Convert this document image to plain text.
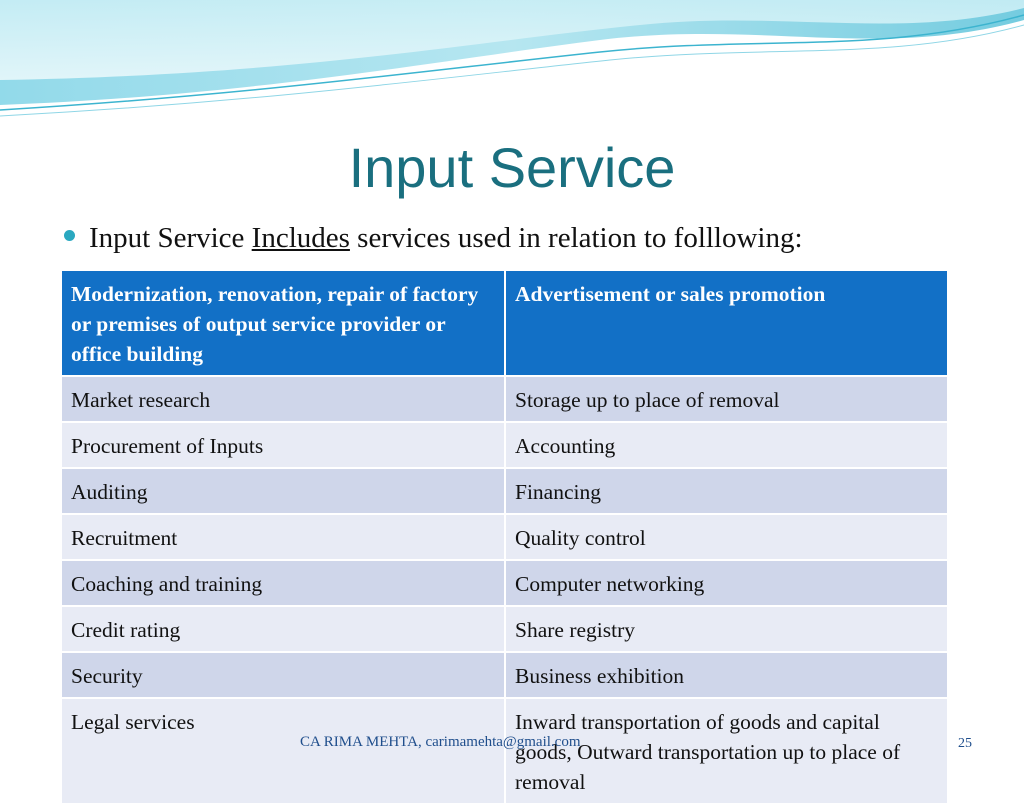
Input Service
Input Service Includes services used in relation to folllowing:
Modernization, renovation, repair of factory or premises of output service provider or office building	Advertisement or sales promotion
Market research	Storage up to place of removal
Procurement of Inputs	Accounting
Auditing	Financing
Recruitment	Quality control
Coaching and training	Computer networking
Credit rating	Share registry
Security	Business exhibition
Legal services	Inward transportation of goods and capital goods, Outward transportation up to place of removal
CA RIMA MEHTA, carimamehta@gmail.com	25
